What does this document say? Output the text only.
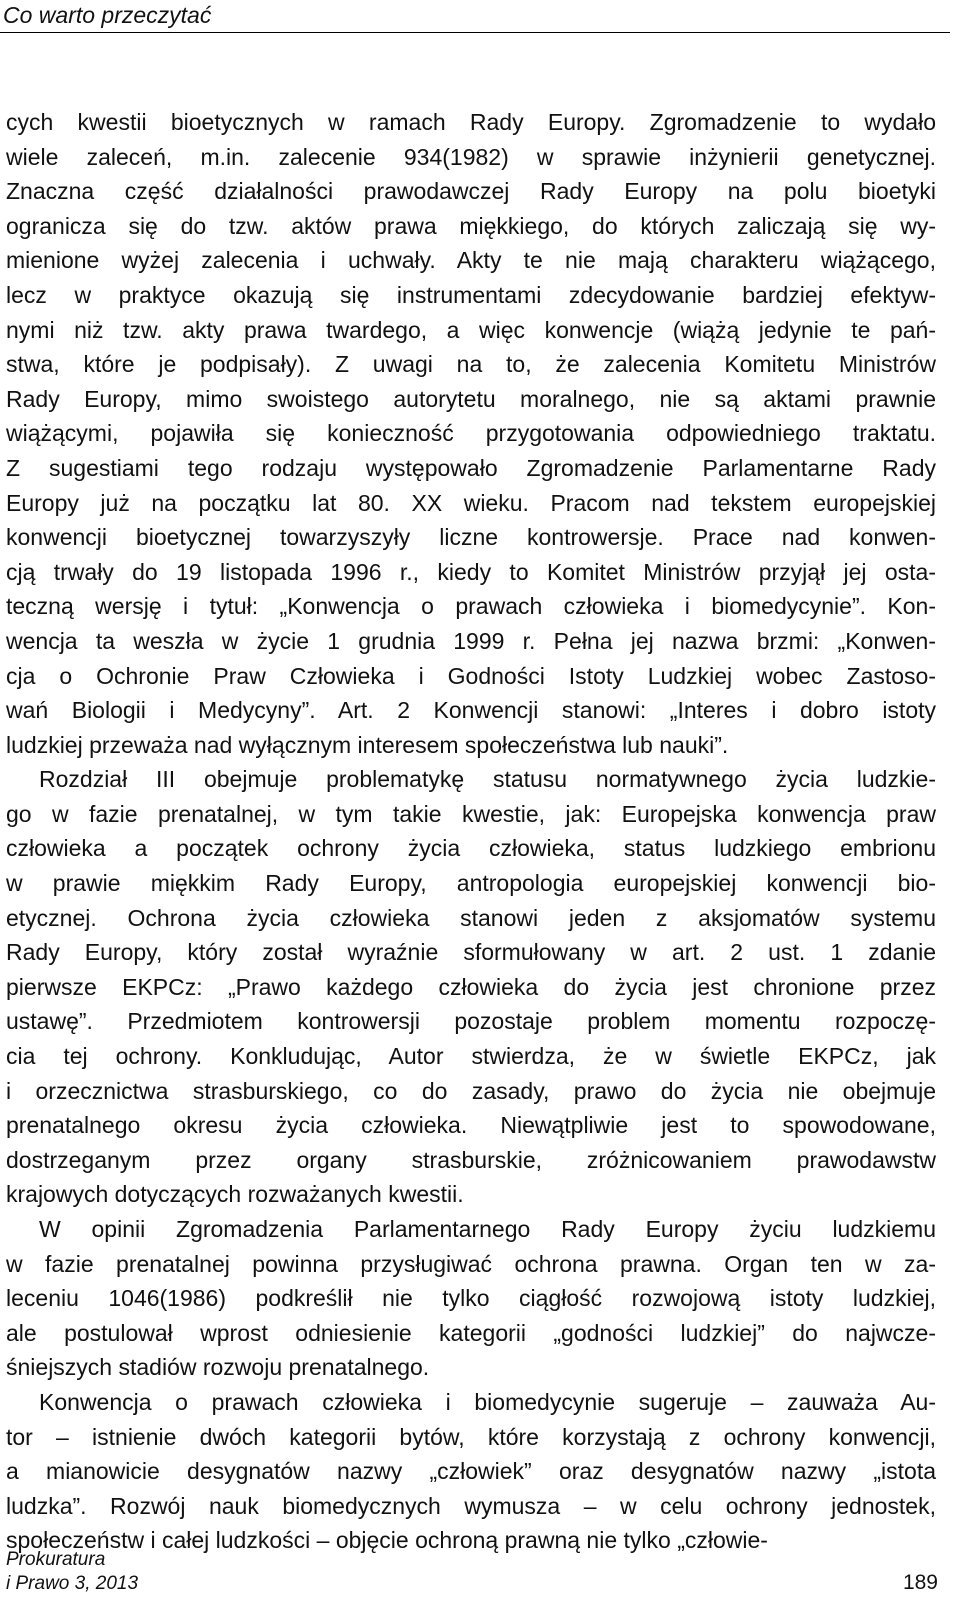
Co warto przeczytać
cych kwestii bioetycznych w ramach Rady Europy. Zgromadzenie to wydało
wiele zaleceń, m.in. zalecenie 934(1982) w sprawie inżynierii genetycznej.
Znaczna część działalności prawodawczej Rady Europy na polu bioetyki
ogranicza się do tzw. aktów prawa miękkiego, do których zaliczają się wy-
mienione wyżej zalecenia i uchwały. Akty te nie mają charakteru wiążącego,
lecz w praktyce okazują się instrumentami zdecydowanie bardziej efektyw-
nymi niż tzw. akty prawa twardego, a więc konwencje (wiążą jedynie te pań-
stwa, które je podpisały). Z uwagi na to, że zalecenia Komitetu Ministrów
Rady Europy, mimo swoistego autorytetu moralnego, nie są aktami prawnie
wiążącymi, pojawiła się konieczność przygotowania odpowiedniego traktatu.
Z sugestiami tego rodzaju występowało Zgromadzenie Parlamentarne Rady
Europy już na początku lat 80. XX wieku. Pracom nad tekstem europejskiej
konwencji bioetycznej towarzyszyły liczne kontrowersje. Prace nad konwen-
cją trwały do 19 listopada 1996 r., kiedy to Komitet Ministrów przyjął jej osta-
teczną wersję i tytuł: „Konwencja o prawach człowieka i biomedycynie”. Kon-
wencja ta weszła w życie 1 grudnia 1999 r. Pełna jej nazwa brzmi: „Konwen-
cja o Ochronie Praw Człowieka i Godności Istoty Ludzkiej wobec Zastoso-
wań Biologii i Medycyny”. Art. 2 Konwencji stanowi: „Interes i dobro istoty
ludzkiej przeważa nad wyłącznym interesem społeczeństwa lub nauki”.
Rozdział III obejmuje problematykę statusu normatywnego życia ludzkie-
go w fazie prenatalnej, w tym takie kwestie, jak: Europejska konwencja praw
człowieka a początek ochrony życia człowieka, status ludzkiego embrionu
w prawie miękkim Rady Europy, antropologia europejskiej konwencji bio-
etycznej. Ochrona życia człowieka stanowi jeden z aksjomatów systemu
Rady Europy, który został wyraźnie sformułowany w art. 2 ust. 1 zdanie
pierwsze EKPCz: „Prawo każdego człowieka do życia jest chronione przez
ustawę”. Przedmiotem kontrowersji pozostaje problem momentu rozpoczę-
cia tej ochrony. Konkludując, Autor stwierdza, że w świetle EKPCz, jak
i orzecznictwa strasburskiego, co do zasady, prawo do życia nie obejmuje
prenatalnego okresu życia człowieka. Niewątpliwie jest to spowodowane,
dostrzeganym przez organy strasburskie, zróżnicowaniem prawodawstw
krajowych dotyczących rozważanych kwestii.
W opinii Zgromadzenia Parlamentarnego Rady Europy życiu ludzkiemu
w fazie prenatalnej powinna przysługiwać ochrona prawna. Organ ten w za-
leceniu 1046(1986) podkreślił nie tylko ciągłość rozwojową istoty ludzkiej,
ale postulował wprost odniesienie kategorii „godności ludzkiej” do najwcze-
śniejszych stadiów rozwoju prenatalnego.
Konwencja o prawach człowieka i biomedycynie sugeruje – zauważa Au-
tor – istnienie dwóch kategorii bytów, które korzystają z ochrony konwencji,
a mianowicie desygnatów nazwy „człowiek” oraz desygnatów nazwy „istota
ludzka”. Rozwój nauk biomedycznych wymusza – w celu ochrony jednostek,
społeczeństw i całej ludzkości – objęcie ochroną prawną nie tylko „człowie-
Prokuratura
i Prawo 3, 2013	189
